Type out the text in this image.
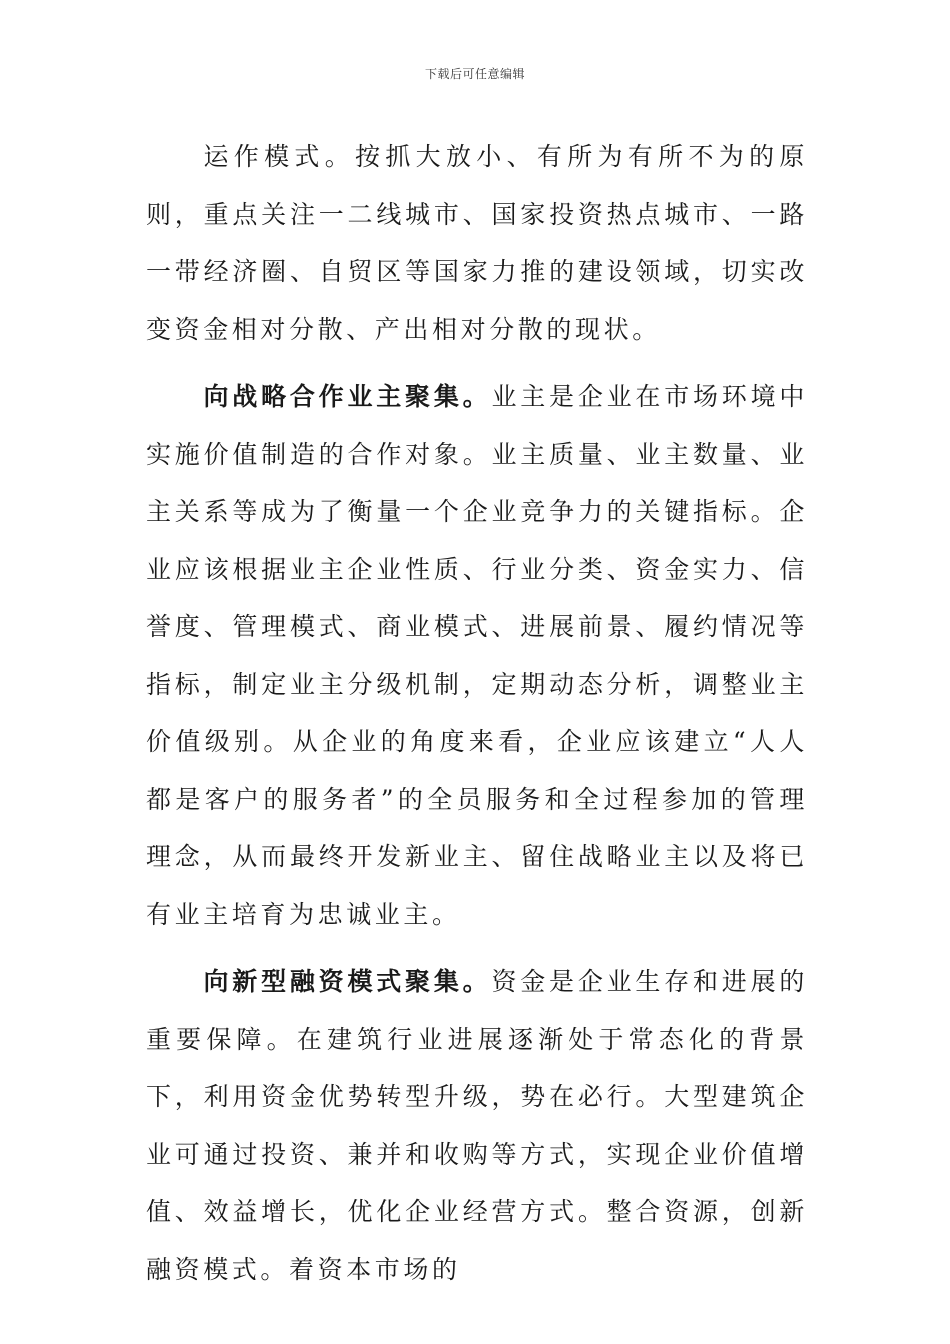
下载后可任意编辑

运作模式。按抓大放小、有所为有所不为的原则，重点关注一二线城市、国家投资热点城市、一路一带经济圈、自贸区等国家力推的建设领域，切实改变资金相对分散、产出相对分散的现状。

向战略合作业主聚集。业主是企业在市场环境中实施价值制造的合作对象。业主质量、业主数量、业主关系等成为了衡量一个企业竞争力的关键指标。企业应该根据业主企业性质、行业分类、资金实力、信誉度、管理模式、商业模式、进展前景、履约情况等指标，制定业主分级机制，定期动态分析，调整业主价值级别。从企业的角度来看，企业应该建立“人人都是客户的服务者”的全员服务和全过程参加的管理理念，从而最终开发新业主、留住战略业主以及将已有业主培育为忠诚业主。

向新型融资模式聚集。资金是企业生存和进展的重要保障。在建筑行业进展逐渐处于常态化的背景下，利用资金优势转型升级，势在必行。大型建筑企业可通过投资、兼并和收购等方式，实现企业价值增值、效益增长，优化企业经营方式。整合资源，创新融资模式。着资本市场的
